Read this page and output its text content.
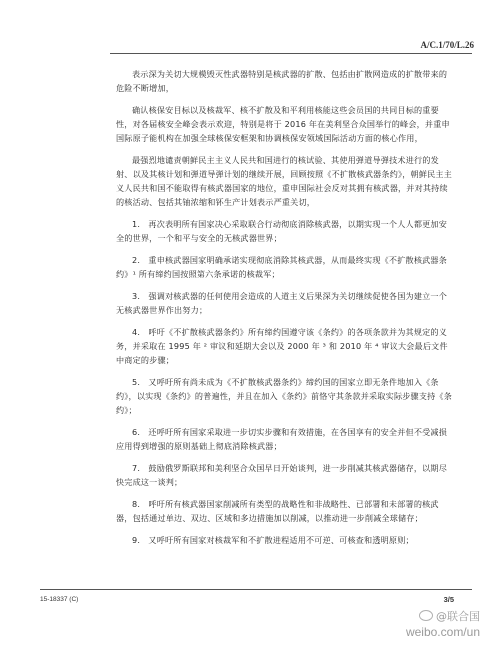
A/C.1/70/L.26

表示深为关切大规模毁灭性武器特别是核武器的扩散、包括由扩散网造成的扩散带来的危险不断增加，

确认核保安目标以及核裁军、核不扩散及和平利用核能这些会员国的共同目标的重要性，对各届核安全峰会表示欢迎，特别是将于 2016 年在美利坚合众国举行的峰会，并重申国际原子能机构在加强全球核保安框架和协调核保安领域国际活动方面的核心作用，

最强烈地谴责朝鲜民主主义人民共和国进行的核试验、其使用弹道导弹技术进行的发射、以及其核计划和弹道导弹计划的继续开展，回顾按照《不扩散核武器条约》，朝鲜民主主义人民共和国不能取得有核武器国家的地位，重申国际社会反对其拥有核武器，并对其持续的核活动、包括其铀浓缩和钚生产计划表示严重关切，

1.　再次表明所有国家决心采取联合行动彻底消除核武器，以期实现一个人人都更加安全的世界，一个和平与安全的无核武器世界；

2.　重申核武器国家明确承诺实现彻底消除其核武器，从而最终实现《不扩散核武器条约》¹ 所有缔约国按照第六条承诺的核裁军；

3.　强调对核武器的任何使用会造成的人道主义后果深为关切继续促使各国为建立一个无核武器世界作出努力；

4.　呼吁《不扩散核武器条约》所有缔约国遵守该《条约》的各项条款并为其规定的义务，并采取在 1995 年 ² 审议和延期大会以及 2000 年 ³ 和 2010 年 ⁴ 审议大会最后文件中商定的步骤；

5.　又呼吁所有尚未成为《不扩散核武器条约》缔约国的国家立即无条件地加入《条约》，以实现《条约》的普遍性，并且在加入《条约》前恪守其条款并采取实际步骤支持《条约》；

6.　还呼吁所有国家采取进一步切实步骤和有效措施，在各国享有的安全并但不受减损应用得到增强的原则基础上彻底消除核武器；

7.　鼓励俄罗斯联邦和美利坚合众国早日开始谈判，进一步削减其核武器储存，以期尽快完成这一谈判；

8.　呼吁所有核武器国家削减所有类型的战略性和非战略性、已部署和未部署的核武器，包括通过单边、双边、区域和多边措施加以削减，以推动进一步削减全球储存；

9.　又呼吁所有国家对核裁军和不扩散进程适用不可逆、可核查和透明原则；

15-18337 (C)	3/5
@联合国
weibo.com/un
